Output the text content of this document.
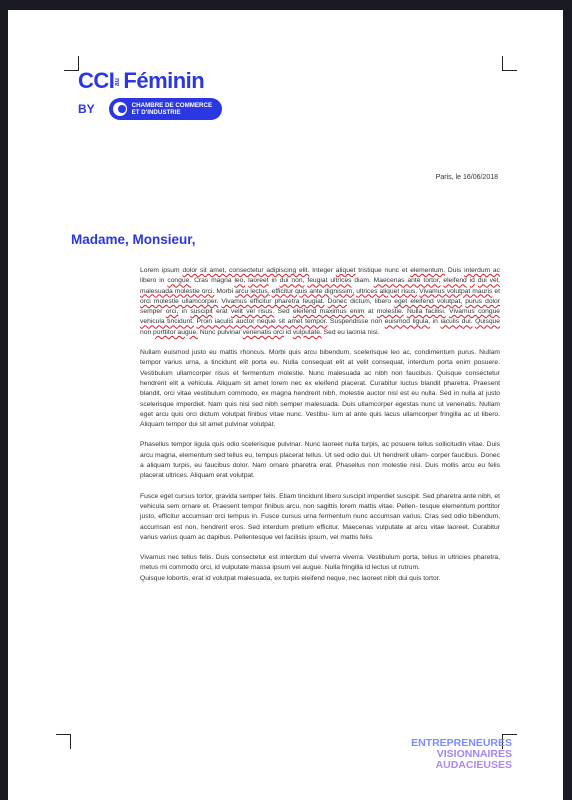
CCI au Féminin
BY	CHAMBRE DE COMMERCE
ET D'INDUSTRIE
Paris, le 16/06/2018
Madame, Monsieur,

Lorem ipsum dolor sit amet, consectetur adipiscing elit. Integer aliquet tristique nunc et elementum. Duis interdum ac libero in congue. Cras magna leo, laoreet in dui non, feugiat ultrices diam. Maecenas ante tortor, eleifend id dui vel, malesuada molestie orci. Morbi arcu lectus, efficitur quis ante dignissim, ultrices aliquet risus. Vivamus volutpat mauris et orci molestie ullamcorper. Vivamus efficitur pharetra feugiat. Donec dictum, libero eget eleifend volutpat, purus dolor semper orci, in suscipit erat velit vel risus. Sed eleifend maximus enim at molestie. Nulla facilisi. Vivamus congue vehicula tincidunt. Proin iaculis auctor neque sit amet tempor. Suspendisse non euismod ligula, in iaculis dui. Quisque non porttitor augue. Nunc pulvinar venenatis orci id vulputate. Sed eu lacinia nisi.

Nullam euismod justo eu mattis rhoncus. Morbi quis arcu bibendum, scelerisque leo ac, condimentum purus. Nullam tempor varius urna, a tincidunt elit porta eu. Nulla consequat elit at velit consequat, interdum porta enim posuere. Vestibulum ullamcorper risus et fermentum molestie. Nunc malesuada ac nibh non faucibus. Quisque consectetur hendrerit elit a vehicula. Aliquam sit amet lorem nec ex eleifend placerat. Curabitur luctus blandit pharetra. Praesent blandit, orci vitae vestibulum commodo, ex magna hendrerit nibh, molestie auctor nisl est eu nulla. Sed in nulla at justo scelerisque imperdiet. Nam quis nisi sed nibh semper malesuada. Duis ullamcorper egestas nunc ut venenatis. Nullam eget arcu quis orci dictum volutpat finibus vitae nunc. Vestibu- lum at ante quis lacus ullamcorper fringilla ac ut libero. Aliquam tempor dui sit amet pulvinar volutpat.

Phasellus tempor ligula quis odio scelerisque pulvinar. Nunc laoreet nulla turpis, ac posuere tellus sollicitudin vitae. Duis arcu magna, elementum sed tellus eu, tempus placerat tellus. Ut sed odio dui. Ut hendrerit ullam- corper faucibus. Donec a aliquam turpis, eu faucibus dolor. Nam ornare pharetra erat. Phasellus non molestie nisl. Duis mollis arcu eu felis placerat ultrices. Aliquam erat volutpat.

Fusce eget cursus tortor, gravida semper felis. Etiam tincidunt libero suscipit imperdiet suscipit. Sed pharetra ante nibh, et vehicula sem ornare et. Praesent tempor finibus arcu, non sagittis lorem mattis vitae. Pellen- tesque elementum porttitor justo, efficitur accumsan orci tempus in. Fusce cursus urna fermentum nunc accumsan varius. Cras sed odio bibendum, accumsan est non, hendrerit eros. Sed interdum pretium efficitur. Maecenas vulputate at arcu vitae laoreet. Curabitur varius varius quam ac dapibus. Pellentesque vel facilisis ipsum, vel mattis felis.

Vivamus nec tellus felis. Duis consectetur est interdum dui viverra viverra. Vestibulum porta, tellus in ultricies pharetra, metus mi commodo orci, id vulputate massa ipsum vel augue. Nulla fringilla id lectus ut rutrum.

Quisque lobortis, erat id volutpat malesuada, ex turpis eleifend neque, nec laoreet nibh dui quis tortor.

ENTREPRENEURES
VISIONNAIRES
AUDACIEUSES
